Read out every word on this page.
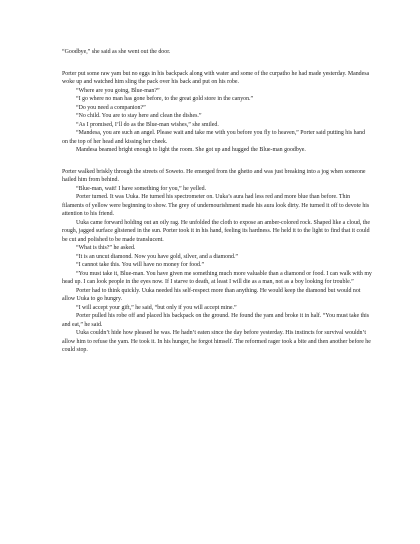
“Goodbye,” she said as she went out the door.

Porter put some raw yam but no eggs in his backpack along with water and some of the curpatho he had made yesterday. Mandesa woke up and watched him sling the pack over his back and put on his robe.

“Where are you going, Blue-man?”

“I go where no man has gone before, to the great gold store in the canyon.”

“Do you need a companion?”

“No child. You are to stay here and clean the dishes.”

“As I promised, I’ll do as the Blue-man wishes,” she smiled.

“Mandesa, you are such an angel. Please wait and take me with you before you fly to heaven,” Porter said putting his hand on the top of her head and kissing her cheek.

Mandesa beamed bright enough to light the room. She got up and hugged the Blue-man goodbye.

Porter walked briskly through the streets of Soweto. He emerged from the ghetto and was just breaking into a jog when someone hailed him from behind.

“Blue-man, wait! I have something for you,” he yelled.

Porter turned. It was Uuka. He turned his spectrometer on. Uuka’s aura had less red and more blue than before. Thin filaments of yellow were beginning to show. The grey of undernourishment made his aura look dirty. He turned it off to devote his attention to his friend.

Uuka came forward holding out an oily rag. He unfolded the cloth to expose an amber-colored rock. Shaped like a cloud, the rough, jagged surface glistened in the sun. Porter took it in his hand, feeling its hardness. He held it to the light to find that it could be cut and polished to be made translucent.

“What is this?” he asked.

“It is an uncut diamond. Now you have gold, silver, and a diamond.”

“I cannot take this. You will have no money for food.”

“You must take it, Blue-man. You have given me something much more valuable than a diamond or food. I can walk with my head up. I can look people in the eyes now. If I starve to death, at least I will die as a man, not as a boy looking for trouble.”

Porter had to think quickly. Uuka needed his self-respect more than anything. He would keep the diamond but would not allow Uuka to go hungry.

“I will accept your gift,” he said, “but only if you will accept mine.”

Porter pulled his robe off and placed his backpack on the ground. He found the yam and broke it in half. “You must take this and eat,” he said.

Uuka couldn’t hide how pleased he was. He hadn’t eaten since the day before yesterday. His instincts for survival wouldn’t allow him to refuse the yam. He took it. In his hunger, he forgot himself. The reformed rager took a bite and then another before he could stop.
